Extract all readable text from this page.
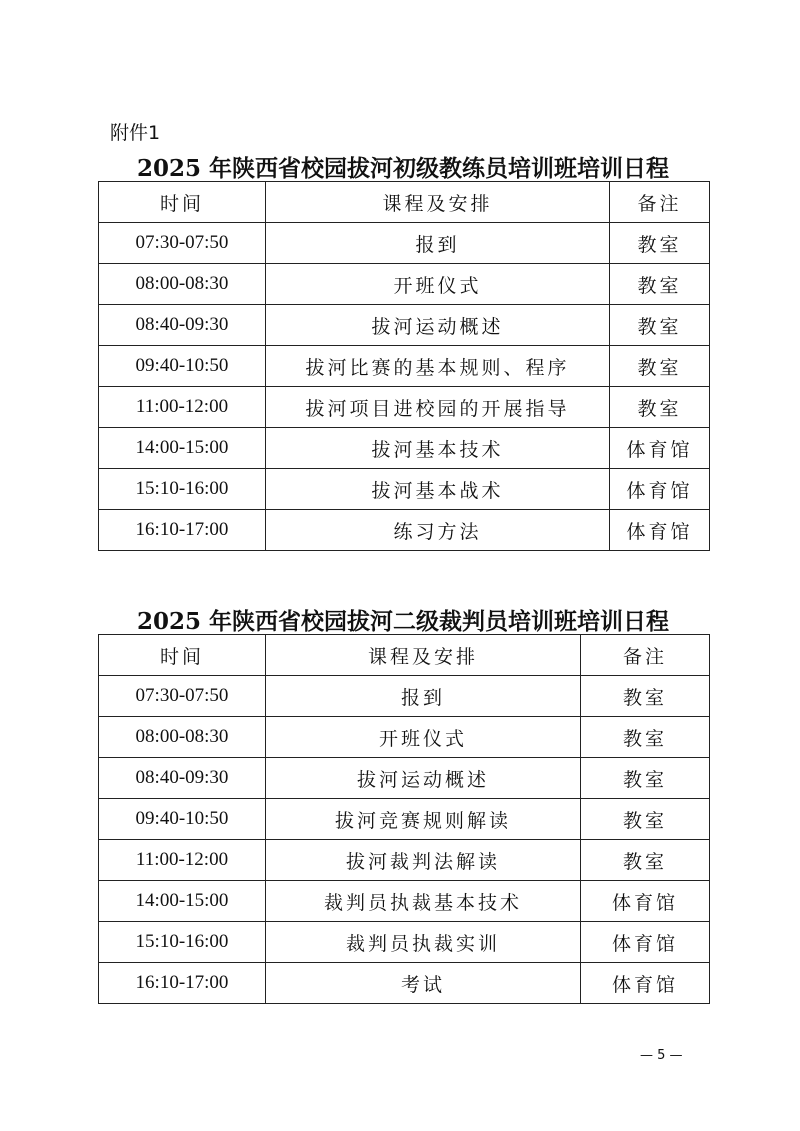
附件1
2025 年陕西省校园拔河初级教练员培训班培训日程
时间	课程及安排	备注
07:30-07:50	报到	教室
08:00-08:30	开班仪式	教室
08:40-09:30	拔河运动概述	教室
09:40-10:50	拔河比赛的基本规则、程序	教室
11:00-12:00	拔河项目进校园的开展指导	教室
14:00-15:00	拔河基本技术	体育馆
15:10-16:00	拔河基本战术	体育馆
16:10-17:00	练习方法	体育馆
2025 年陕西省校园拔河二级裁判员培训班培训日程
时间	课程及安排	备注
07:30-07:50	报到	教室
08:00-08:30	开班仪式	教室
08:40-09:30	拔河运动概述	教室
09:40-10:50	拔河竞赛规则解读	教室
11:00-12:00	拔河裁判法解读	教室
14:00-15:00	裁判员执裁基本技术	体育馆
15:10-16:00	裁判员执裁实训	体育馆
16:10-17:00	考试	体育馆
— 5 —
